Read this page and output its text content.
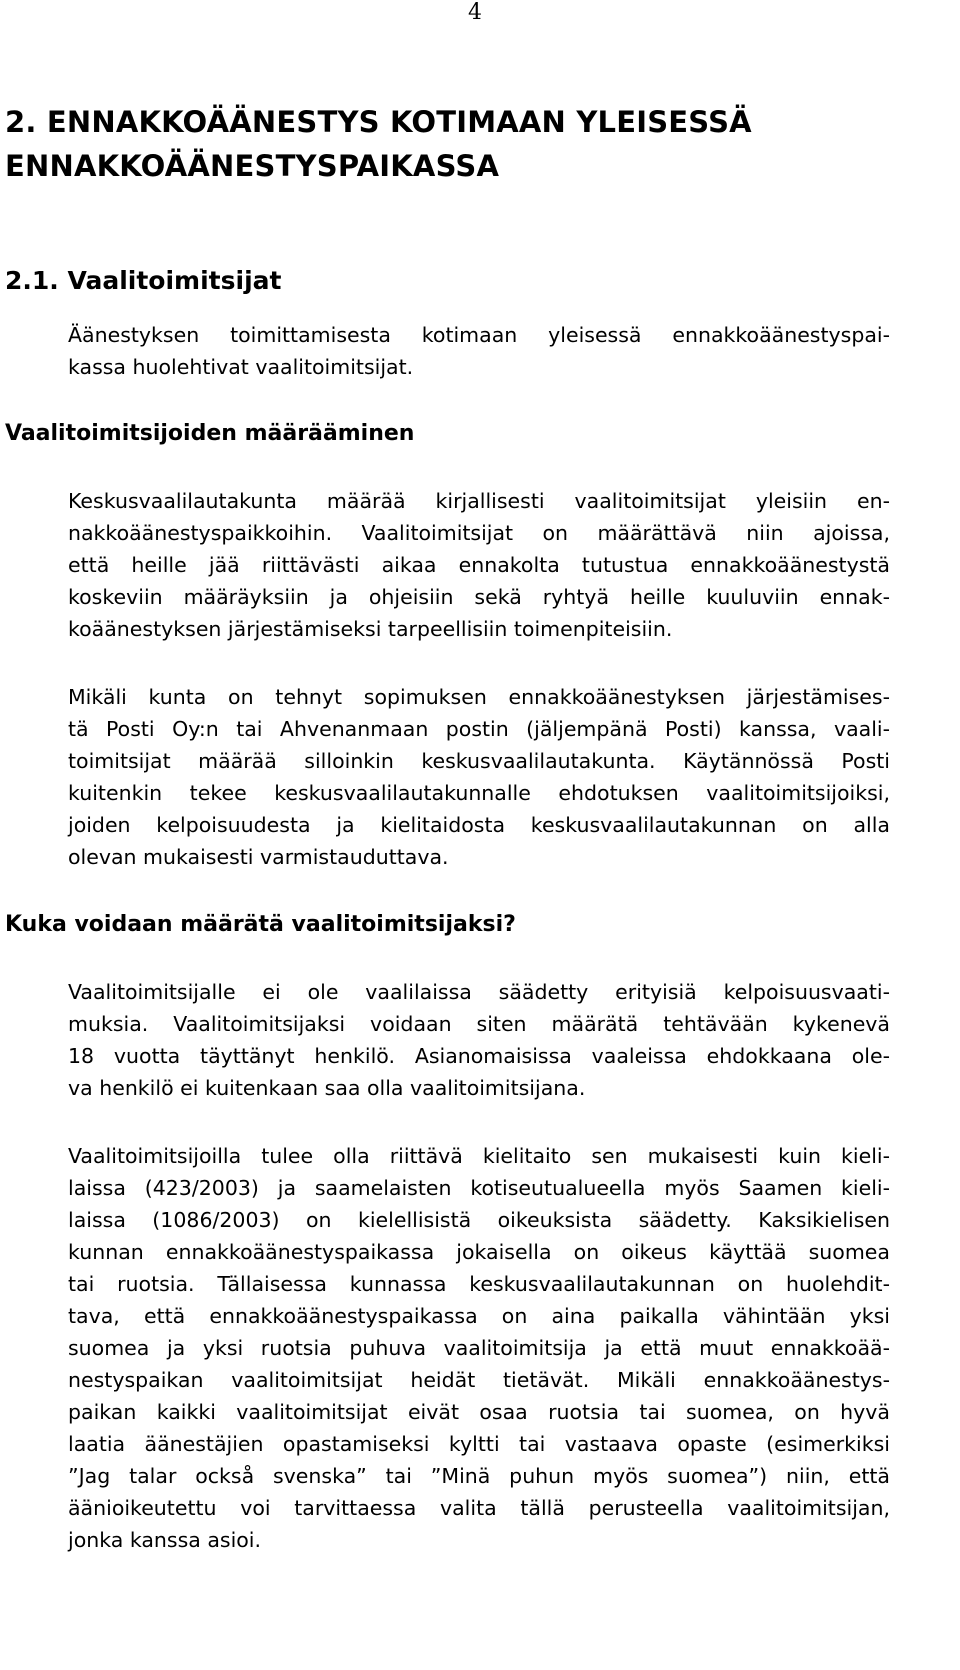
4
2. ENNAKKOÄÄNESTYS KOTIMAAN YLEISESSÄ
ENNAKKOÄÄNESTYSPAIKASSA
2.1. Vaalitoimitsijat
Äänestyksen toimittamisesta kotimaan yleisessä ennakkoäänestyspai-
kassa huolehtivat vaalitoimitsijat.
Vaalitoimitsijoiden määrääminen
Keskusvaalilautakunta määrää kirjallisesti vaalitoimitsijat yleisiin en-
nakkoäänestyspaikkoihin. Vaalitoimitsijat on määrättävä niin ajoissa,
että heille jää riittävästi aikaa ennakolta tutustua ennakkoäänestystä
koskeviin määräyksiin ja ohjeisiin sekä ryhtyä heille kuuluviin ennak-
koäänestyksen järjestämiseksi tarpeellisiin toimenpiteisiin.
Mikäli kunta on tehnyt sopimuksen ennakkoäänestyksen järjestämises-
tä Posti Oy:n tai Ahvenanmaan postin (jäljempänä Posti) kanssa, vaali-
toimitsijat määrää silloinkin keskusvaalilautakunta. Käytännössä Posti
kuitenkin tekee keskusvaalilautakunnalle ehdotuksen vaalitoimitsijoiksi,
joiden kelpoisuudesta ja kielitaidosta keskusvaalilautakunnan on alla
olevan mukaisesti varmistauduttava.
Kuka voidaan määrätä vaalitoimitsijaksi?
Vaalitoimitsijalle ei ole vaalilaissa säädetty erityisiä kelpoisuusvaati-
muksia. Vaalitoimitsijaksi voidaan siten määrätä tehtävään kykenevä
18 vuotta täyttänyt henkilö. Asianomaisissa vaaleissa ehdokkaana ole-
va henkilö ei kuitenkaan saa olla vaalitoimitsijana.
Vaalitoimitsijoilla tulee olla riittävä kielitaito sen mukaisesti kuin kieli-
laissa (423/2003) ja saamelaisten kotiseutualueella myös Saamen kieli-
laissa (1086/2003) on kielellisistä oikeuksista säädetty. Kaksikielisen
kunnan ennakkoäänestyspaikassa jokaisella on oikeus käyttää suomea
tai ruotsia. Tällaisessa kunnassa keskusvaalilautakunnan on huolehdit-
tava, että ennakkoäänestyspaikassa on aina paikalla vähintään yksi
suomea ja yksi ruotsia puhuva vaalitoimitsija ja että muut ennakkoää-
nestyspaikan vaalitoimitsijat heidät tietävät. Mikäli ennakkoäänestys-
paikan kaikki vaalitoimitsijat eivät osaa ruotsia tai suomea, on hyvä
laatia äänestäjien opastamiseksi kyltti tai vastaava opaste (esimerkiksi
”Jag talar också svenska” tai ”Minä puhun myös suomea”) niin, että
äänioikeutettu voi tarvittaessa valita tällä perusteella vaalitoimitsijan,
jonka kanssa asioi.
